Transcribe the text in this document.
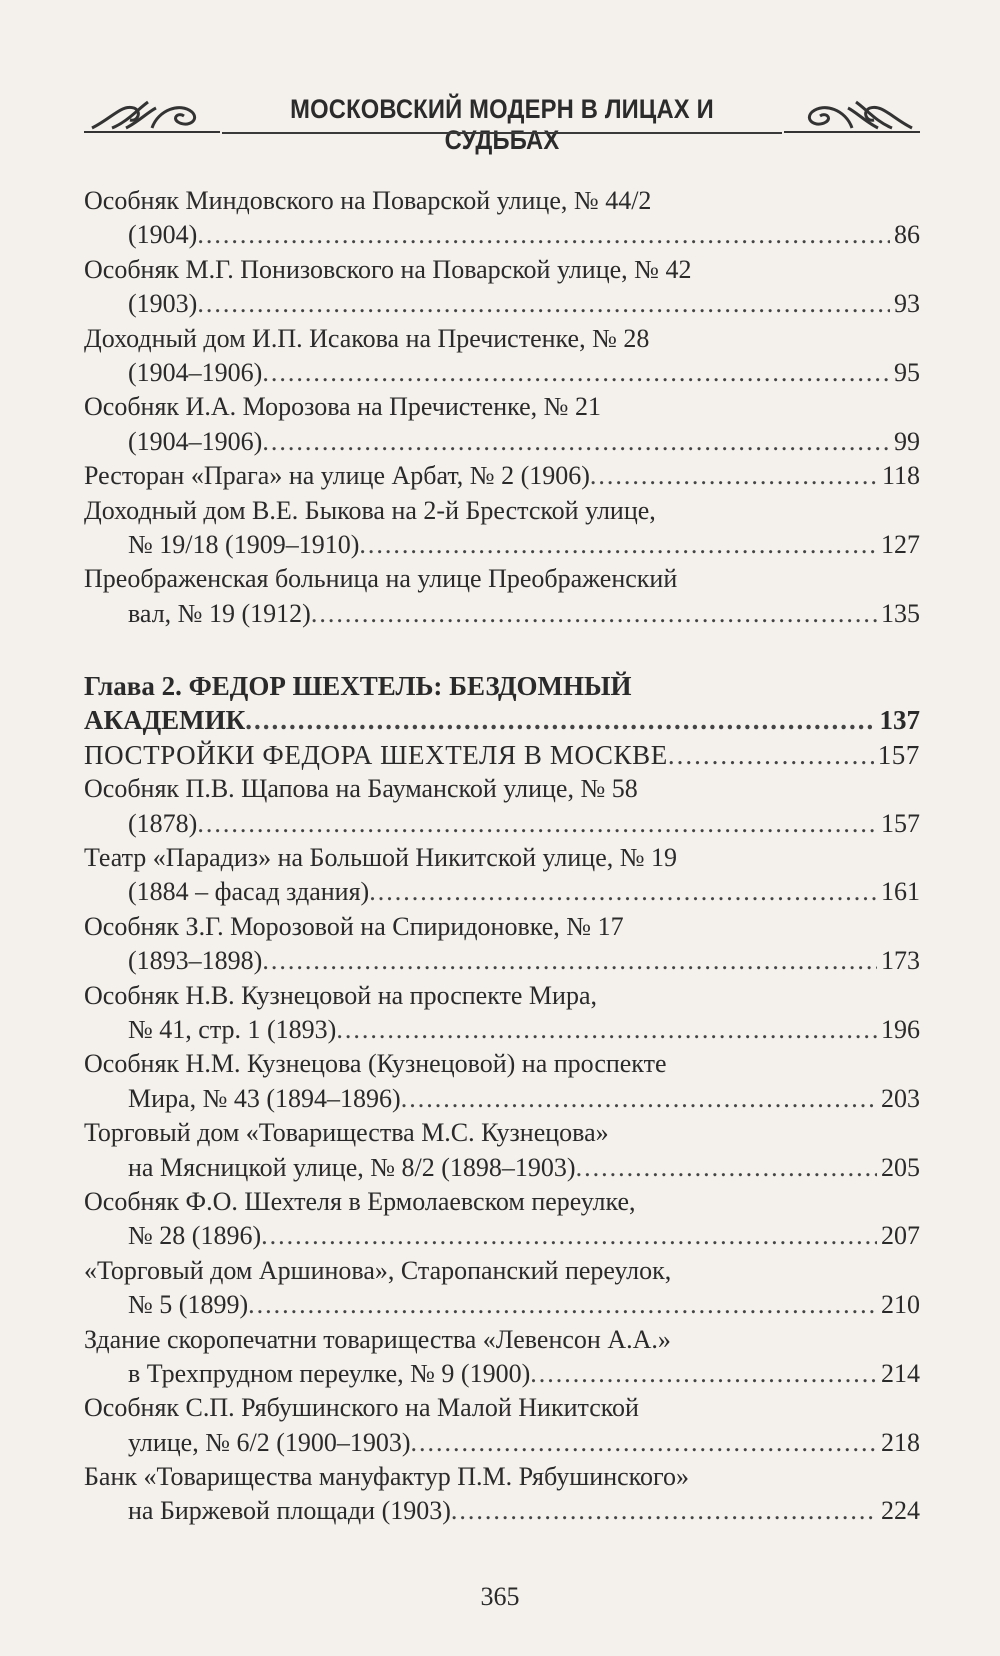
МОСКОВСКИЙ МОДЕРН В ЛИЦАХ И СУДЬБАХ
Особняк Миндовского на Поварской улице, № 44/2
(1904) .....	86
Особняк М.Г. Понизовского на Поварской улице, № 42
(1903) .....	93
Доходный дом И.П. Исакова на Пречистенке, № 28
(1904–1906) .....	95
Особняк И.А. Морозова на Пречистенке, № 21
(1904–1906) .....	99
Ресторан «Прага» на улице Арбат, № 2 (1906) .....	118
Доходный дом В.Е. Быкова на 2-й Брестской улице,
№ 19/18 (1909–1910) .....	127
Преображенская больница на улице Преображенский
вал, № 19 (1912) .....	135
Глава 2. ФЕДОР ШЕХТЕЛЬ: БЕЗДОМНЫЙ
АКАДЕМИК .....	137
ПОСТРОЙКИ ФЕДОРА ШЕХТЕЛЯ В МОСКВЕ .....	157
Особняк П.В. Щапова на Бауманской улице, № 58
(1878) .....	157
Театр «Парадиз» на Большой Никитской улице, № 19
(1884 – фасад здания) .....	161
Особняк З.Г. Морозовой на Спиридоновке, № 17
(1893–1898) .....	173
Особняк Н.В. Кузнецовой на проспекте Мира,
№ 41, стр. 1 (1893) .....	196
Особняк Н.М. Кузнецова (Кузнецовой) на проспекте
Мира, № 43 (1894–1896) .....	203
Торговый дом «Товарищества М.С. Кузнецова»
на Мясницкой улице, № 8/2 (1898–1903) .....	205
Особняк Ф.О. Шехтеля в Ермолаевском переулке,
№ 28 (1896) .....	207
«Торговый дом Аршинова», Старопанский переулок,
№ 5 (1899) .....	210
Здание скоропечатни товарищества «Левенсон А.А.»
в Трехпрудном переулке, № 9 (1900) .....	214
Особняк С.П. Рябушинского на Малой Никитской
улице, № 6/2 (1900–1903) .....	218
Банк «Товарищества мануфактур П.М. Рябушинского»
на Биржевой площади (1903) .....	224
365
